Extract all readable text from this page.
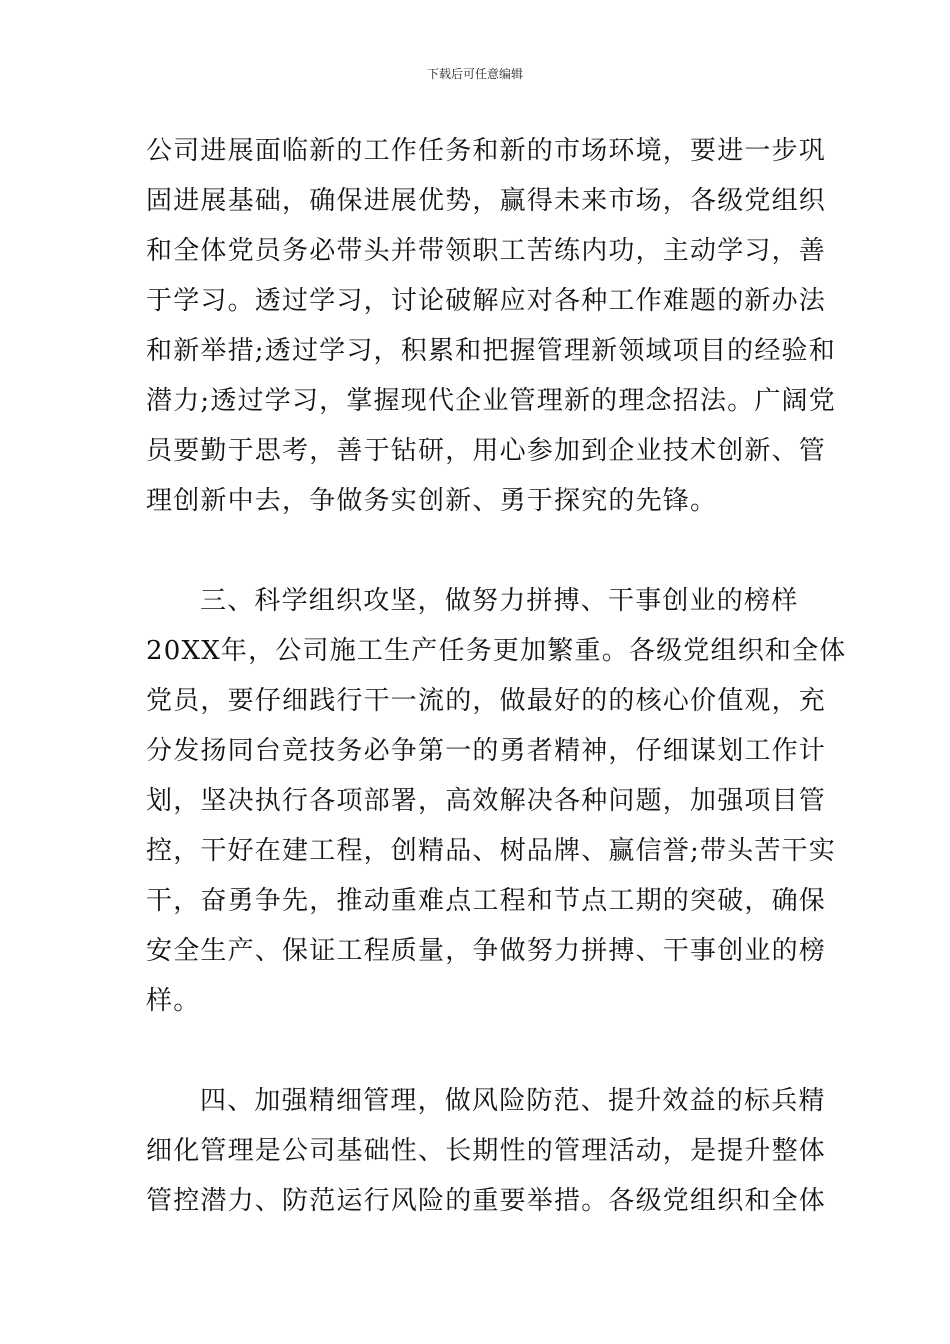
下载后可任意编辑
公司进展面临新的工作任务和新的市场环境，要进一步巩
固进展基础，确保进展优势，赢得未来市场，各级党组织
和全体党员务必带头并带领职工苦练内功，主动学习，善
于学习。透过学习，讨论破解应对各种工作难题的新办法
和新举措;透过学习，积累和把握管理新领域项目的经验和
潜力;透过学习，掌握现代企业管理新的理念招法。广阔党
员要勤于思考，善于钻研，用心参加到企业技术创新、管
理创新中去，争做务实创新、勇于探究的先锋。
三、科学组织攻坚，做努力拼搏、干事创业的榜样
20XX年，公司施工生产任务更加繁重。各级党组织和全体
党员，要仔细践行干一流的，做最好的的核心价值观，充
分发扬同台竞技务必争第一的勇者精神，仔细谋划工作计
划，坚决执行各项部署，高效解决各种问题，加强项目管
控，干好在建工程，创精品、树品牌、赢信誉;带头苦干实
干，奋勇争先，推动重难点工程和节点工期的突破，确保
安全生产、保证工程质量，争做努力拼搏、干事创业的榜
样。
四、加强精细管理，做风险防范、提升效益的标兵精
细化管理是公司基础性、长期性的管理活动，是提升整体
管控潜力、防范运行风险的重要举措。各级党组织和全体
